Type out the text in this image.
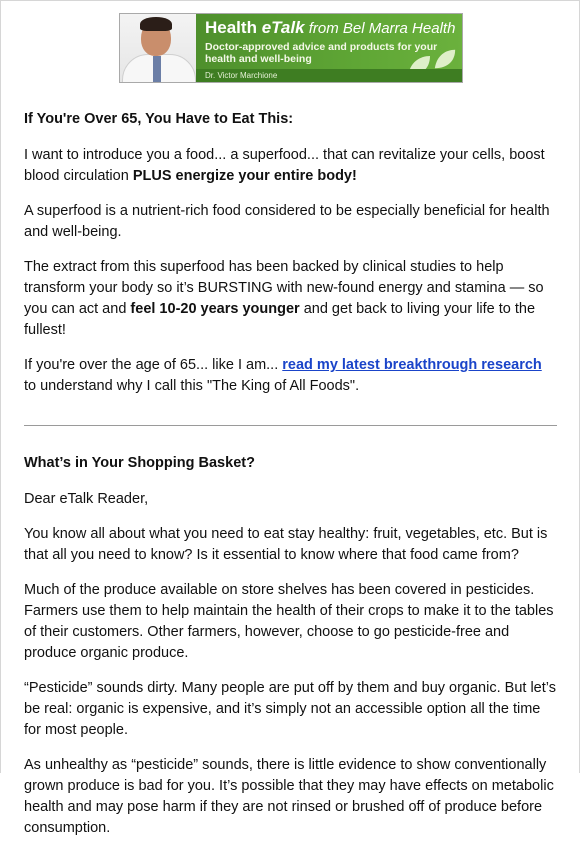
Health eTalk from Bel Marra Health
Doctor-approved advice and products for your health and well-being
Dr. Victor Marchione
If You're Over 65, You Have to Eat This:

I want to introduce you a food... a superfood... that can revitalize your cells, boost blood circulation PLUS energize your entire body!

A superfood is a nutrient-rich food considered to be especially beneficial for health and well-being.

The extract from this superfood has been backed by clinical studies to help transform your body so it’s BURSTING with new-found energy and stamina — so you can act and feel 10-20 years younger and get back to living your life to the fullest!

If you're over the age of 65... like I am... read my latest breakthrough research to understand why I call this "The King of All Foods".

What’s in Your Shopping Basket?

Dear eTalk Reader,

You know all about what you need to eat stay healthy: fruit, vegetables, etc. But is that all you need to know? Is it essential to know where that food came from?

Much of the produce available on store shelves has been covered in pesticides. Farmers use them to help maintain the health of their crops to make it to the tables of their customers. Other farmers, however, choose to go pesticide-free and produce organic produce.

“Pesticide” sounds dirty. Many people are put off by them and buy organic. But let’s be real: organic is expensive, and it’s simply not an accessible option all the time for most people.

As unhealthy as “pesticide” sounds, there is little evidence to show conventionally grown produce is bad for you. It’s possible that they may have effects on metabolic health and may pose harm if they are not rinsed or brushed off of produce before consumption.
